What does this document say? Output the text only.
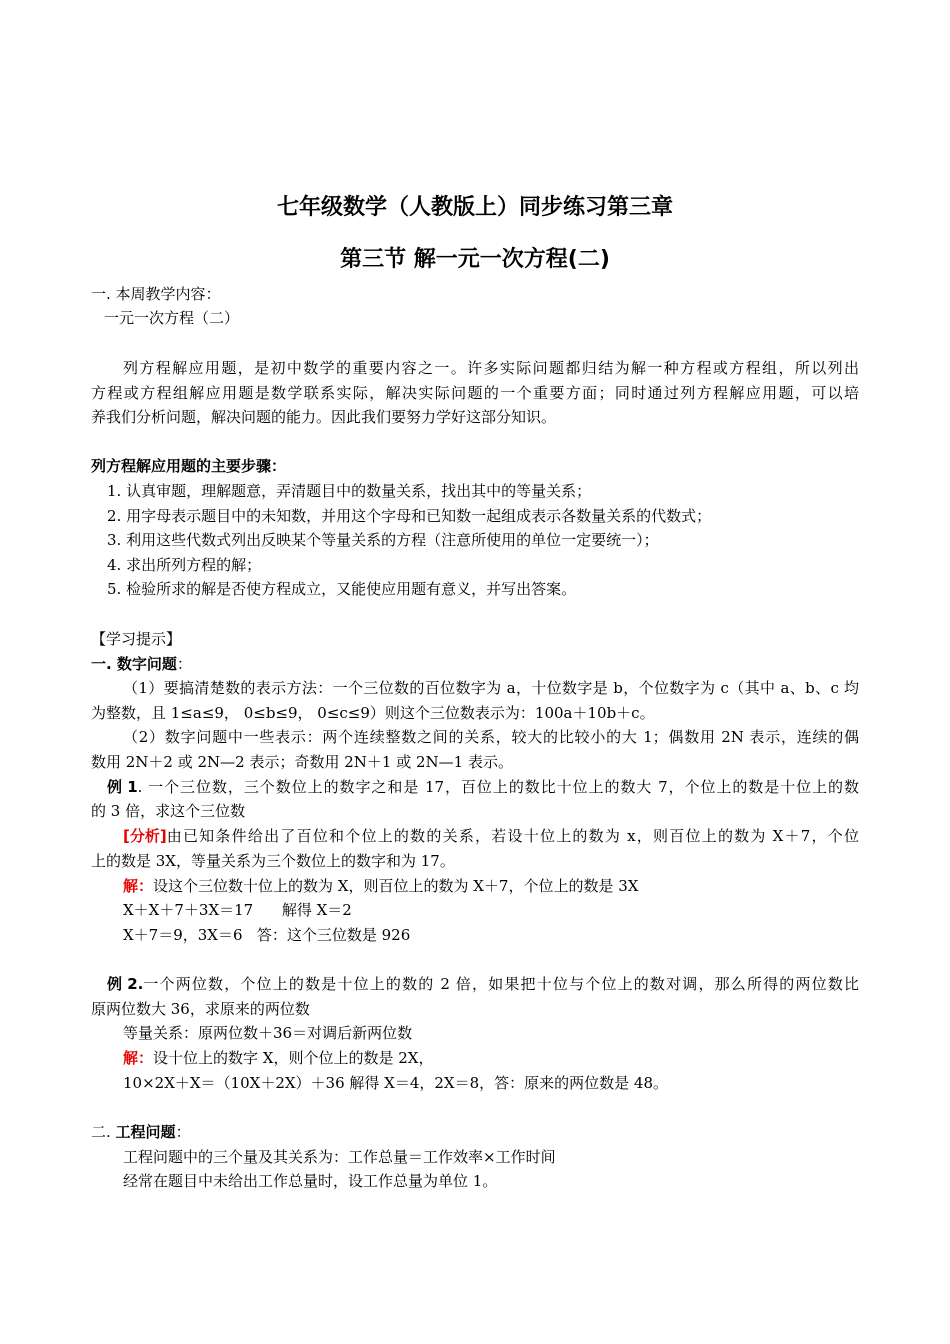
七年级数学（人教版上）同步练习第三章
第三节 解一元一次方程(二)
一. 本周教学内容：
一元一次方程（二）
列方程解应用题，是初中数学的重要内容之一。许多实际问题都归结为解一种方程或方程组，所以列出
方程或方程组解应用题是数学联系实际，解决实际问题的一个重要方面；同时通过列方程解应用题，可以培
养我们分析问题，解决问题的能力。因此我们要努力学好这部分知识。
列方程解应用题的主要步骤：
1. 认真审题，理解题意，弄清题目中的数量关系，找出其中的等量关系；
2. 用字母表示题目中的未知数，并用这个字母和已知数一起组成表示各数量关系的代数式；
3. 利用这些代数式列出反映某个等量关系的方程（注意所使用的单位一定要统一）；
4. 求出所列方程的解；
5. 检验所求的解是否使方程成立，又能使应用题有意义，并写出答案。
【学习提示】
一. 数字问题：
（1）要搞清楚数的表示方法：一个三位数的百位数字为 a，十位数字是 b，个位数字为 c（其中 a、b、c 均
为整数，且 1≤a≤9， 0≤b≤9， 0≤c≤9）则这个三位数表示为：100a＋10b＋c。
（2）数字问题中一些表示：两个连续整数之间的关系，较大的比较小的大 1；偶数用 2N 表示，连续的偶
数用 2N＋2 或 2N—2 表示；奇数用 2N＋1 或 2N—1 表示。
例 1 . 一个三位数，三个数位上的数字之和是 17，百位上的数比十位上的数大 7，个位上的数是十位上的数
的 3 倍，求这个三位数
[分析] 由已知条件给出了百位和个位上的数的关系，若设十位上的数为 x，则百位上的数为 X＋7，个位
上的数是 3X，等量关系为三个数位上的数字和为 17。
解：设这个三位数十位上的数为 X，则百位上的数为 X＋7，个位上的数是 3X
X＋X＋7＋3X＝17      解得 X＝2
X＋7＝9，3X＝6   答：这个三位数是 926
例 2. 一个两位数，个位上的数是十位上的数的 2 倍，如果把十位与个位上的数对调，那么所得的两位数比
原两位数大 36，求原来的两位数
等量关系：原两位数＋36＝对调后新两位数
解：设十位上的数字 X，则个位上的数是 2X，
10×2X＋X＝（10X＋2X）＋36 解得 X＝4，2X＝8，答：原来的两位数是 48。
二. 工程问题：
工程问题中的三个量及其关系为：工作总量＝工作效率×工作时间
经常在题目中未给出工作总量时，设工作总量为单位 1。
